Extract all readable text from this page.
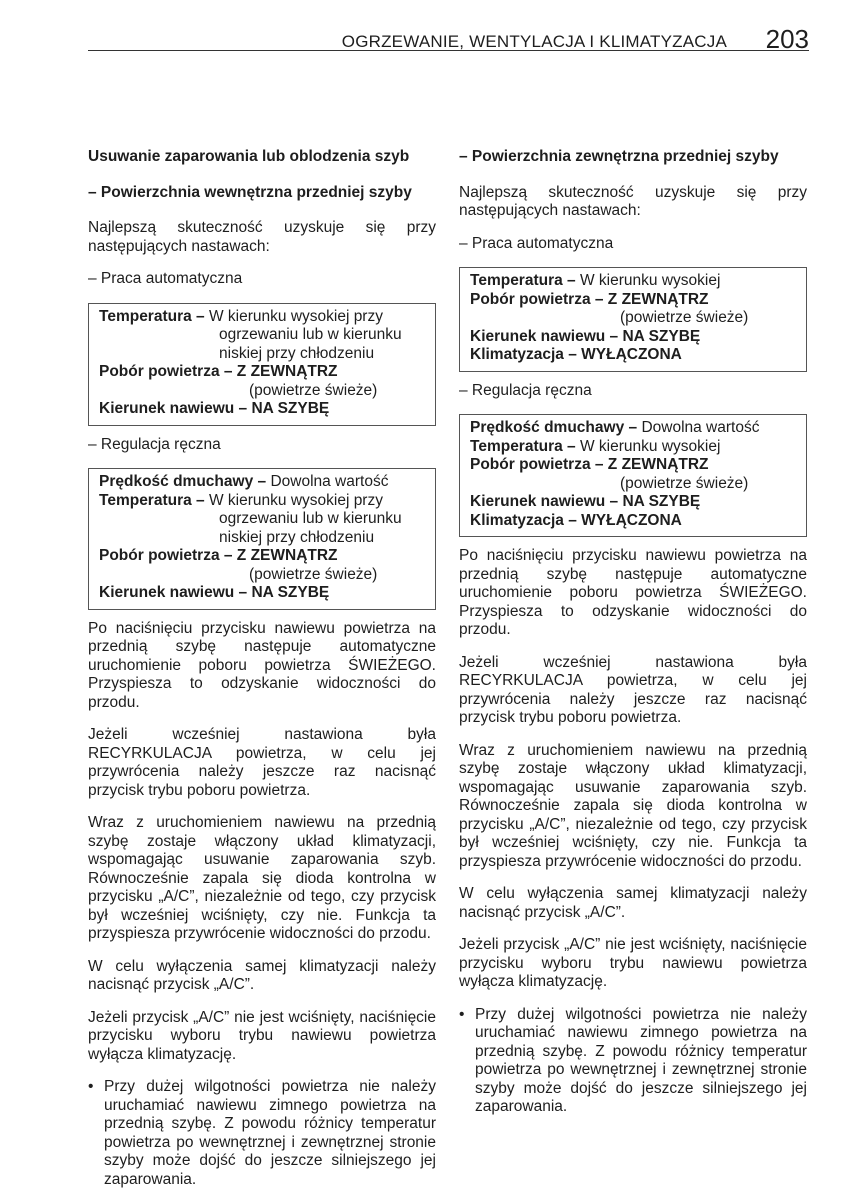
OGRZEWANIE, WENTYLACJA I KLIMATYZACJA 203
Usuwanie zaparowania lub oblodzenia szyb
– Powierzchnia wewnętrzna przedniej szyby
Najlepszą skuteczność uzyskuje się przy następujących nastawach:
– Praca automatyczna
Temperatura – W kierunku wysokiej przy
ogrzewaniu lub w kierunku
niskiej przy chłodzeniu
Pobór powietrza – Z ZEWNĄTRZ
(powietrze świeże)
Kierunek nawiewu – NA SZYBĘ
– Regulacja ręczna
Prędkość dmuchawy – Dowolna wartość
Temperatura – W kierunku wysokiej przy
ogrzewaniu lub w kierunku
niskiej przy chłodzeniu
Pobór powietrza – Z ZEWNĄTRZ
(powietrze świeże)
Kierunek nawiewu – NA SZYBĘ
Po naciśnięciu przycisku nawiewu powietrza na przednią szybę następuje automatyczne uruchomienie poboru powietrza ŚWIEŻEGO. Przyspiesza to odzyskanie widoczności do przodu.
Jeżeli wcześniej nastawiona była RECYRKULACJA powietrza, w celu jej przywrócenia należy jeszcze raz nacisnąć przycisk trybu poboru powietrza.
Wraz z uruchomieniem nawiewu na przednią szybę zostaje włączony układ klimatyzacji, wspomagając usuwanie zaparowania szyb. Równocześnie zapala się dioda kontrolna w przycisku „A/C”, niezależnie od tego, czy przycisk był wcześniej wciśnięty, czy nie. Funkcja ta przyspiesza przywrócenie widoczności do przodu.
W celu wyłączenia samej klimatyzacji należy nacisnąć przycisk „A/C”.
Jeżeli przycisk „A/C” nie jest wciśnięty, naciśnięcie przycisku wyboru trybu nawiewu powietrza wyłącza klimatyzację.
• Przy dużej wilgotności powietrza nie należy uruchamiać nawiewu zimnego powietrza na przednią szybę. Z powodu różnicy temperatur powietrza po wewnętrznej i zewnętrznej stronie szyby może dojść do jeszcze silniejszego jej zaparowania.
– Powierzchnia zewnętrzna przedniej szyby
Najlepszą skuteczność uzyskuje się przy następujących nastawach:
– Praca automatyczna
Temperatura – W kierunku wysokiej
Pobór powietrza – Z ZEWNĄTRZ
(powietrze świeże)
Kierunek nawiewu – NA SZYBĘ
Klimatyzacja – WYŁĄCZONA
– Regulacja ręczna
Prędkość dmuchawy – Dowolna wartość
Temperatura – W kierunku wysokiej
Pobór powietrza – Z ZEWNĄTRZ
(powietrze świeże)
Kierunek nawiewu – NA SZYBĘ
Klimatyzacja – WYŁĄCZONA
Po naciśnięciu przycisku nawiewu powietrza na przednią szybę następuje automatyczne uruchomienie poboru powietrza ŚWIEŻEGO. Przyspiesza to odzyskanie widoczności do przodu.
Jeżeli wcześniej nastawiona była RECYRKULACJA powietrza, w celu jej przywrócenia należy jeszcze raz nacisnąć przycisk trybu poboru powietrza.
Wraz z uruchomieniem nawiewu na przednią szybę zostaje włączony układ klimatyzacji, wspomagając usuwanie zaparowania szyb. Równocześnie zapala się dioda kontrolna w przycisku „A/C”, niezależnie od tego, czy przycisk był wcześniej wciśnięty, czy nie. Funkcja ta przyspiesza przywrócenie widoczności do przodu.
W celu wyłączenia samej klimatyzacji należy nacisnąć przycisk „A/C”.
Jeżeli przycisk „A/C” nie jest wciśnięty, naciśnięcie przycisku wyboru trybu nawiewu powietrza wyłącza klimatyzację.
• Przy dużej wilgotności powietrza nie należy uruchamiać nawiewu zimnego powietrza na przednią szybę. Z powodu różnicy temperatur powietrza po wewnętrznej i zewnętrznej stronie szyby może dojść do jeszcze silniejszego jej zaparowania.
